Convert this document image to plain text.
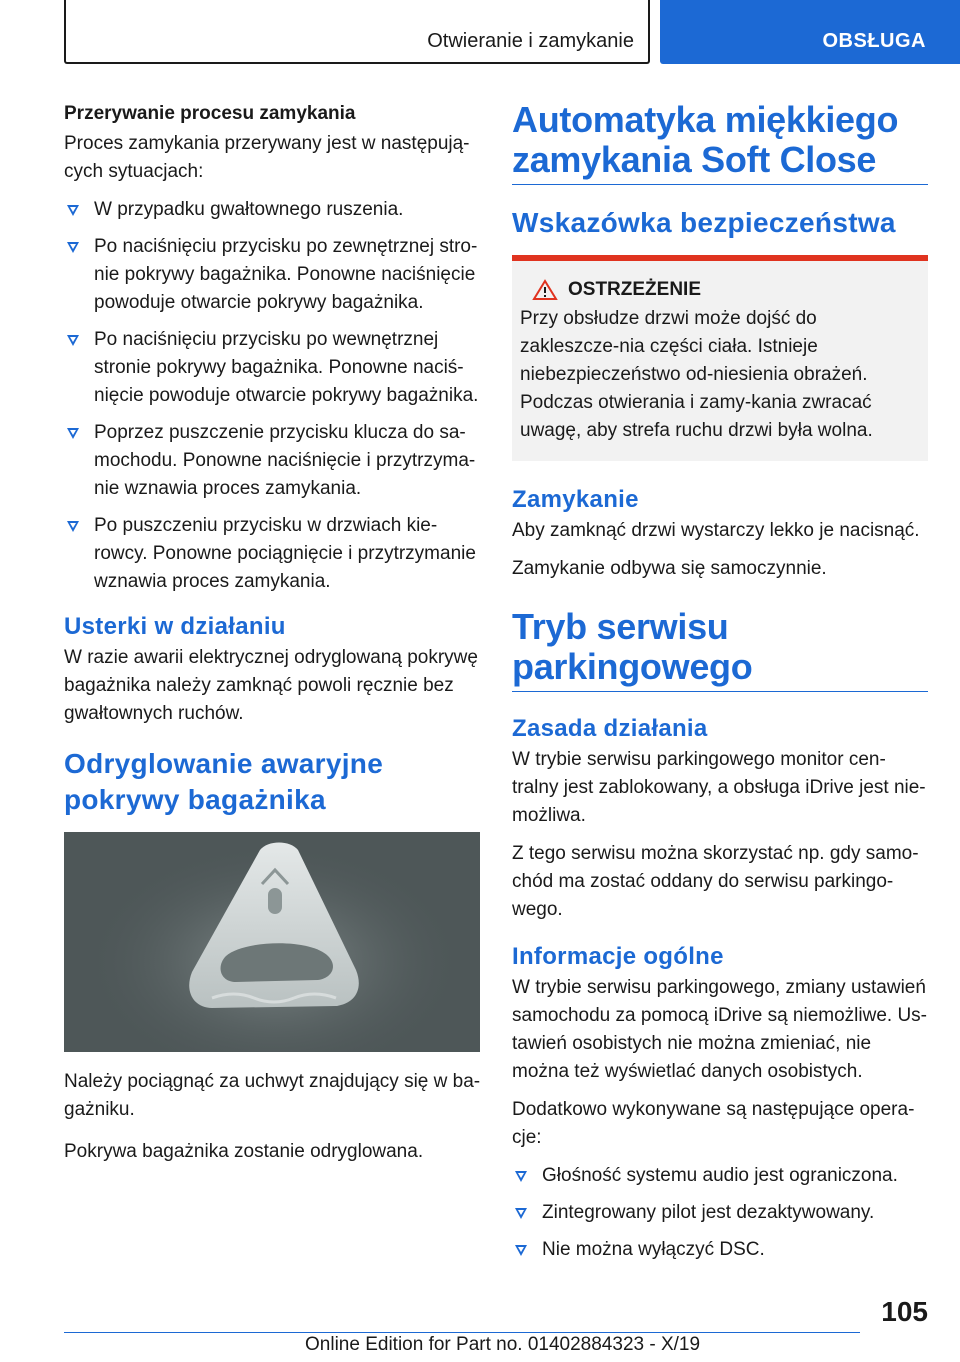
Otwieranie i zamykanie	OBSŁUGA

Przerywanie procesu zamykania

Proces zamykania przerywany jest w następują-cych sytuacjach:

W przypadku gwałtownego ruszenia.
Po naciśnięciu przycisku po zewnętrznej stro-nie pokrywy bagażnika. Ponowne naciśnięcie powoduje otwarcie pokrywy bagażnika.
Po naciśnięciu przycisku po wewnętrznej stronie pokrywy bagażnika. Ponowne naciś-nięcie powoduje otwarcie pokrywy bagażnika.
Poprzez puszczenie przycisku klucza do sa-mochodu. Ponowne naciśnięcie i przytrzyma-nie wznawia proces zamykania.
Po puszczeniu przycisku w drzwiach kie-rowcy. Ponowne pociągnięcie i przytrzymanie wznawia proces zamykania.
Usterki w działaniu

W razie awarii elektrycznej odryglowaną pokrywę bagażnika należy zamknąć powoli ręcznie bez gwałtownych ruchów.

Odryglowanie awaryjne pokrywy bagażnika

Należy pociągnąć za uchwyt znajdujący się w ba-gażniku.

Pokrywa bagażnika zostanie odryglowana.

Automatyka miękkiego zamykania Soft Close
Wskazówka bezpieczeństwa
OSTRZEŻENIE

Przy obsłudze drzwi może dojść do zakleszcze-nia części ciała. Istnieje niebezpieczeństwo od-niesienia obrażeń. Podczas otwierania i zamy-kania zwracać uwagę, aby strefa ruchu drzwi była wolna.

Zamykanie

Aby zamknąć drzwi wystarczy lekko je nacisnąć.

Zamykanie odbywa się samoczynnie.

Tryb serwisu parkingowego
Zasada działania

W trybie serwisu parkingowego monitor cen-tralny jest zablokowany, a obsługa iDrive jest nie-możliwa.

Z tego serwisu można skorzystać np. gdy samo-chód ma zostać oddany do serwisu parkingo-wego.

Informacje ogólne

W trybie serwisu parkingowego, zmiany ustawień samochodu za pomocą iDrive są niemożliwe. Us-tawień osobistych nie można zmieniać, nie można też wyświetlać danych osobistych.

Dodatkowo wykonywane są następujące opera-cje:

Głośność systemu audio jest ograniczona.
Zintegrowany pilot jest dezaktywowany.
Nie można wyłączyć DSC.
105
Online Edition for Part no. 01402884323 - X/19
